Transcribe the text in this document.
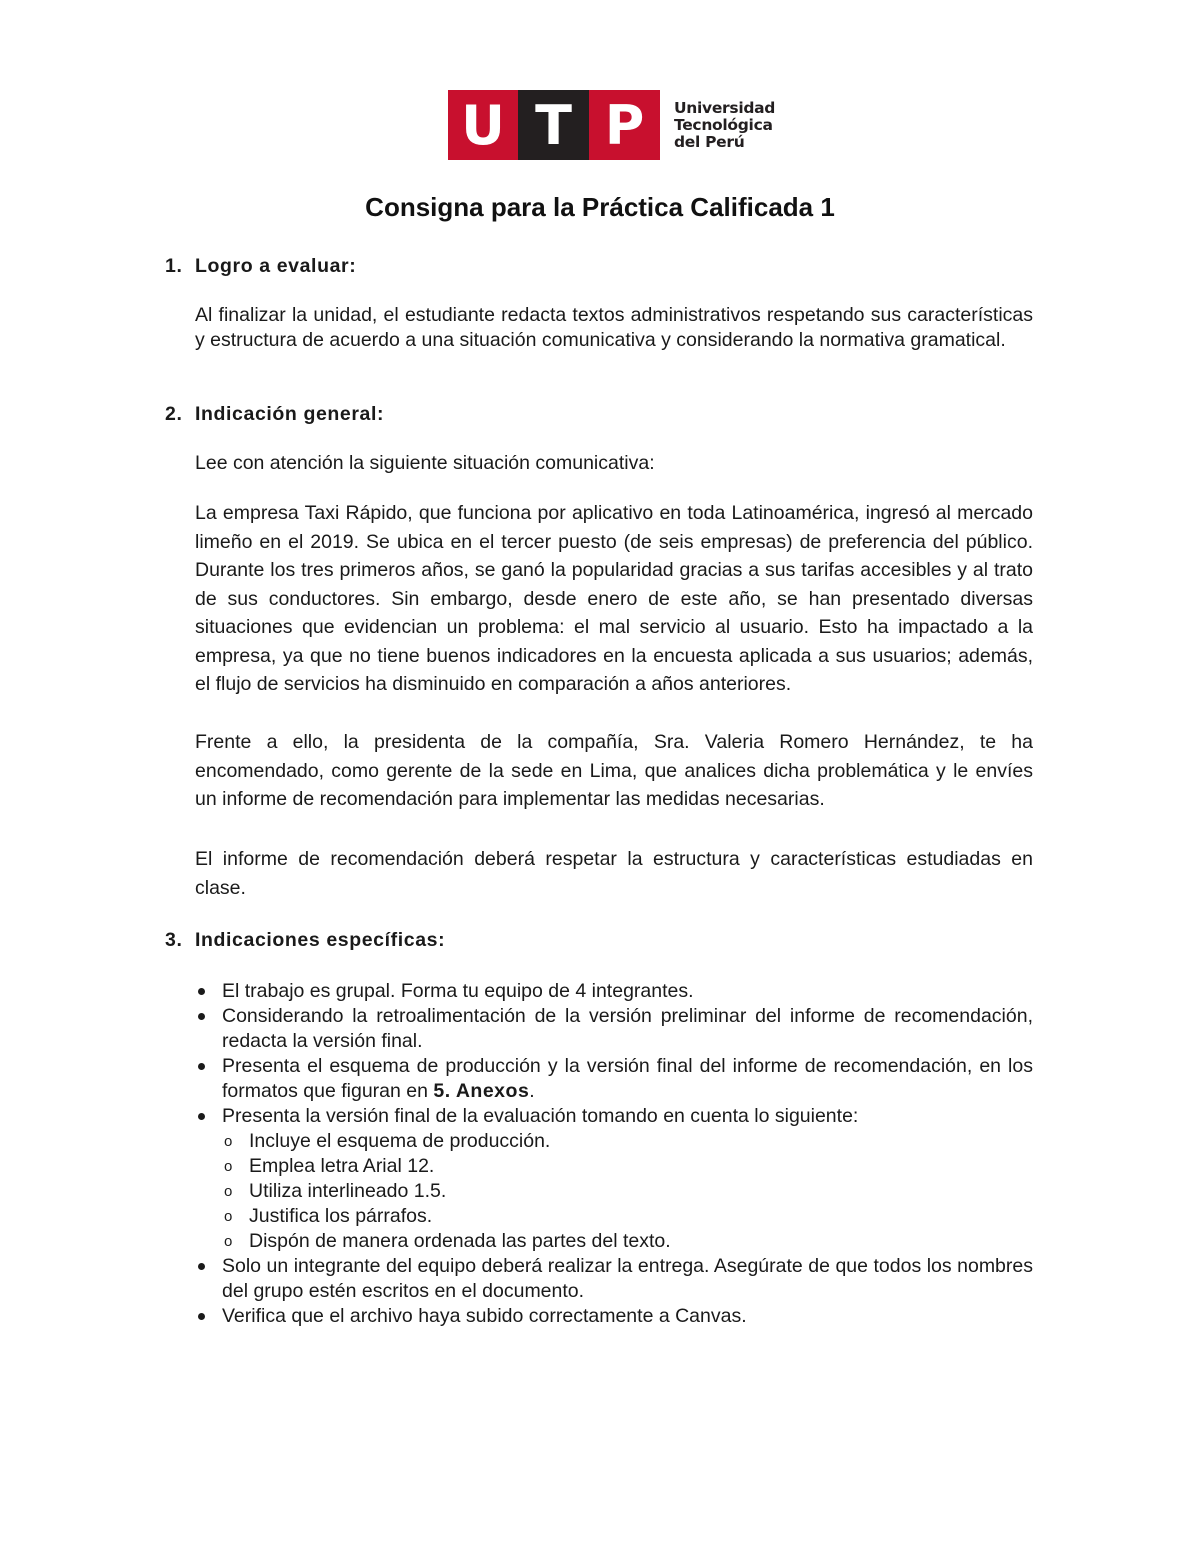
U T P	Universidad
Tecnológica
del Perú
Consigna para la Práctica Calificada 1
1. Logro a evaluar:

Al finalizar la unidad, el estudiante redacta textos administrativos respetando sus características y estructura de acuerdo a una situación comunicativa y considerando la normativa gramatical.

2. Indicación general:

Lee con atención la siguiente situación comunicativa:

La empresa Taxi Rápido, que funciona por aplicativo en toda Latinoamérica, ingresó al mercado limeño en el 2019. Se ubica en el tercer puesto (de seis empresas) de preferencia del público. Durante los tres primeros años, se ganó la popularidad gracias a sus tarifas accesibles y al trato de sus conductores. Sin embargo, desde enero de este año, se han presentado diversas situaciones que evidencian un problema: el mal servicio al usuario. Esto ha impactado a la empresa, ya que no tiene buenos indicadores en la encuesta aplicada a sus usuarios; además, el flujo de servicios ha disminuido en comparación a años anteriores.

Frente a ello, la presidenta de la compañía, Sra. Valeria Romero Hernández, te ha encomendado, como gerente de la sede en Lima, que analices dicha problemática y le envíes un informe de recomendación para implementar las medidas necesarias.

El informe de recomendación deberá respetar la estructura y características estudiadas en clase.

3. Indicaciones específicas:
El trabajo es grupal. Forma tu equipo de 4 integrantes.
Considerando la retroalimentación de la versión preliminar del informe de recomendación, redacta la versión final.
Presenta el esquema de producción y la versión final del informe de recomendación, en los formatos que figuran en 5. Anexos.
Presenta la versión final de la evaluación tomando en cuenta lo siguiente:
o Incluye el esquema de producción.
o Emplea letra Arial 12.
o Utiliza interlineado 1.5.
o Justifica los párrafos.
o Dispón de manera ordenada las partes del texto.
Solo un integrante del equipo deberá realizar la entrega. Asegúrate de que todos los nombres del grupo estén escritos en el documento.
Verifica que el archivo haya subido correctamente a Canvas.
